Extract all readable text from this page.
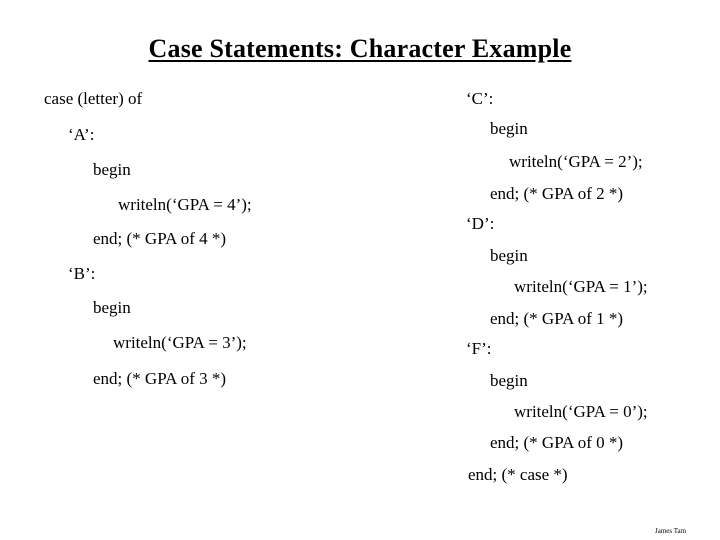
Case Statements: Character Example
case (letter) of
‘A’:
begin
writeln(‘GPA = 4’);
end; (* GPA of 4 *)
‘B’:
begin
writeln(‘GPA = 3’);
end; (* GPA of 3 *)
‘C’:
begin
writeln(‘GPA = 2’);
end; (* GPA of 2 *)
‘D’:
begin
writeln(‘GPA = 1’);
end; (* GPA of 1 *)
‘F’:
begin
writeln(‘GPA = 0’);
end; (* GPA of 0 *)
end; (* case *)
James Tam
